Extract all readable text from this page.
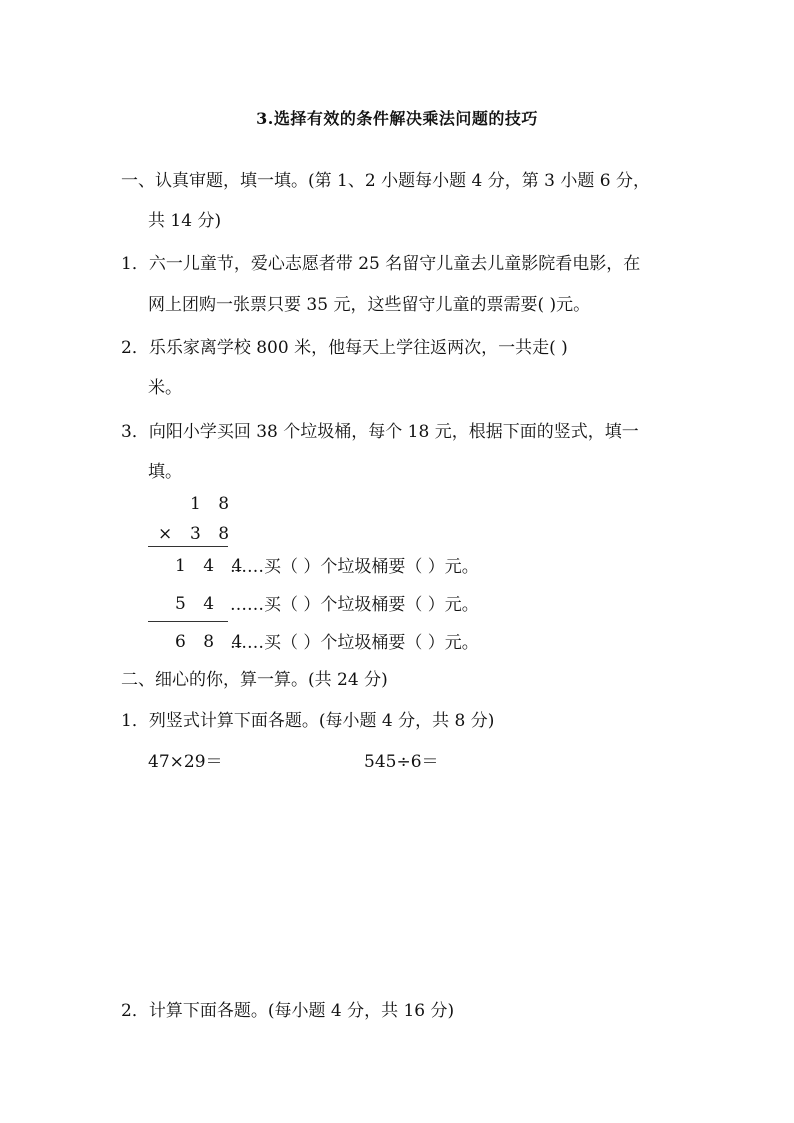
3.选择有效的条件解决乘法问题的技巧
一、认真审题，填一填。(第 1、2 小题每小题 4 分，第 3 小题 6 分，
共 14 分)
1．六一儿童节，爱心志愿者带 25 名留守儿童去儿童影院看电影，在
网上团购一张票只要 35 元，这些留守儿童的票需要( )元。
2．乐乐家离学校 800 米，他每天上学往返两次，一共走( )
米。
3．向阳小学买回 38 个垃圾桶，每个 18 元，根据下面的竖式，填一
填。
1 8
× 3 8
1 4 4
……买（ ）个垃圾桶要（ ）元。
5 4 ……买（ ）个垃圾桶要（ ）元。
6 8 4
……买（ ）个垃圾桶要（ ）元。
二、细心的你，算一算。(共 24 分)
1．列竖式计算下面各题。(每小题 4 分，共 8 分)
47×29＝	545÷6＝
2．计算下面各题。(每小题 4 分，共 16 分)
